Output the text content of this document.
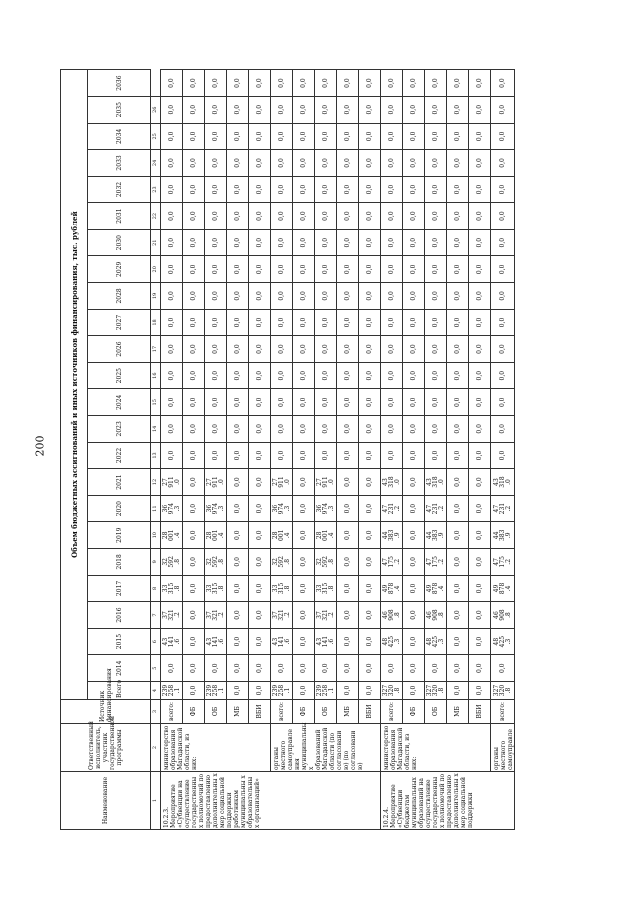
200
Наименование	Ответственный исполнитель, участник государственной программы	Источник финансирования	Объем бюджетных ассигнований и иных источников финансирования, тыс. рублей																							
			Всего	2014	2015	2016	2017	2018	2019	2020	2021	2022	2023	2024	2025	2026	2027	2028	2029	2030	2031	2032	2033	2034	2035	2036
1	2	3	4	5	6	7	8	9	10	11	12	13	14	15	16	17	18	19	20	21	22	23	24	25	26	
10.2.3. Мероприятие «Субвенции на осуществление государственны х полномочий по предоставлению дополнительны х мер социальной поддержки работникам муниципальны х образовательны х организаций»	министерство образования Магаданской области, из них:	всего:	239 258 .1	0,0	43 141 .6	37 321 .2	33 315 .8	32 592 .8	28 001 .4	36 974 .3	27 911 .0	0,0	0,0	0,0	0,0	0,0	0,0	0,0	0,0	0,0	0,0	0,0	0,0	0,0	0,0	0,0
		ФБ	0,0	0,0	0,0	0,0	0,0	0,0	0,0	0,0	0,0	0,0	0,0	0,0	0,0	0,0	0,0	0,0	0,0	0,0	0,0	0,0	0,0	0,0	0,0	0,0
		ОБ	239 258 .1	0,0	43 141 .6	37 321 .2	33 315 .8	32 592 .8	28 001 .4	36 974 .3	27 911 .0	0,0	0,0	0,0	0,0	0,0	0,0	0,0	0,0	0,0	0,0	0,0	0,0	0,0	0,0	0,0
		МБ	0,0	0,0	0,0	0,0	0,0	0,0	0,0	0,0	0,0	0,0	0,0	0,0	0,0	0,0	0,0	0,0	0,0	0,0	0,0	0,0	0,0	0,0	0,0	0,0
		ВБИ	0,0	0,0	0,0	0,0	0,0	0,0	0,0	0,0	0,0	0,0	0,0	0,0	0,0	0,0	0,0	0,0	0,0	0,0	0,0	0,0	0,0	0,0	0,0	0,0
	органы местного самоуправле ния муниципальны х образований Магаданской области (по согласовани ю) (по согласовани ю)	всего:	239 258 .1	0,0	43 141 .6	37 321 .2	33 315 .8	32 592 .8	28 001 .4	36 974 .3	27 911 .0	0,0	0,0	0,0	0,0	0,0	0,0	0,0	0,0	0,0	0,0	0,0	0,0	0,0	0,0	0,0
		ФБ	0,0	0,0	0,0	0,0	0,0	0,0	0,0	0,0	0,0	0,0	0,0	0,0	0,0	0,0	0,0	0,0	0,0	0,0	0,0	0,0	0,0	0,0	0,0	0,0
		ОБ	239 258 .1	0,0	43 141 .6	37 321 .2	33 315 .8	32 592 .8	28 001 .4	36 974 .3	27 911 .0	0,0	0,0	0,0	0,0	0,0	0,0	0,0	0,0	0,0	0,0	0,0	0,0	0,0	0,0	0,0
		МБ	0,0	0,0	0,0	0,0	0,0	0,0	0,0	0,0	0,0	0,0	0,0	0,0	0,0	0,0	0,0	0,0	0,0	0,0	0,0	0,0	0,0	0,0	0,0	0,0
		ВБИ	0,0	0,0	0,0	0,0	0,0	0,0	0,0	0,0	0,0	0,0	0,0	0,0	0,0	0,0	0,0	0,0	0,0	0,0	0,0	0,0	0,0	0,0	0,0	0,0
10.2.4. Мероприятие «Субвенции бюджетам муниципальных образований на осуществление государственны х полномочий по предоставлению дополнительны х мер социальной поддержки	министерство образования Магаданской области, из них:	всего:	327 320 .8	0,0	48 425 .3	46 908 .8	49 878 .4	47 175 .2	44 383 .9	47 231 .2	43 318 .0	0,0	0,0	0,0	0,0	0,0	0,0	0,0	0,0	0,0	0,0	0,0	0,0	0,0	0,0	0,0
		ФБ	0,0	0,0	0,0	0,0	0,0	0,0	0,0	0,0	0,0	0,0	0,0	0,0	0,0	0,0	0,0	0,0	0,0	0,0	0,0	0,0	0,0	0,0	0,0	0,0
		ОБ	327 320 .8	0,0	48 425 .3	46 908 .8	49 878 .4	47 175 .2	44 383 .9	47 231 .2	43 318 .0	0,0	0,0	0,0	0,0	0,0	0,0	0,0	0,0	0,0	0,0	0,0	0,0	0,0	0,0	0,0
		МБ	0,0	0,0	0,0	0,0	0,0	0,0	0,0	0,0	0,0	0,0	0,0	0,0	0,0	0,0	0,0	0,0	0,0	0,0	0,0	0,0	0,0	0,0	0,0	0,0
		ВБИ	0,0	0,0	0,0	0,0	0,0	0,0	0,0	0,0	0,0	0,0	0,0	0,0	0,0	0,0	0,0	0,0	0,0	0,0	0,0	0,0	0,0	0,0	0,0	0,0
	органы местного самоуправле	всего:	327 320 .8	0,0	48 425 .3	46 908 .8	49 878 .4	47 175 .2	44 383 .9	47 231 .2	43 318 .0	0,0	0,0	0,0	0,0	0,0	0,0	0,0	0,0	0,0	0,0	0,0	0,0	0,0	0,0	0,0
